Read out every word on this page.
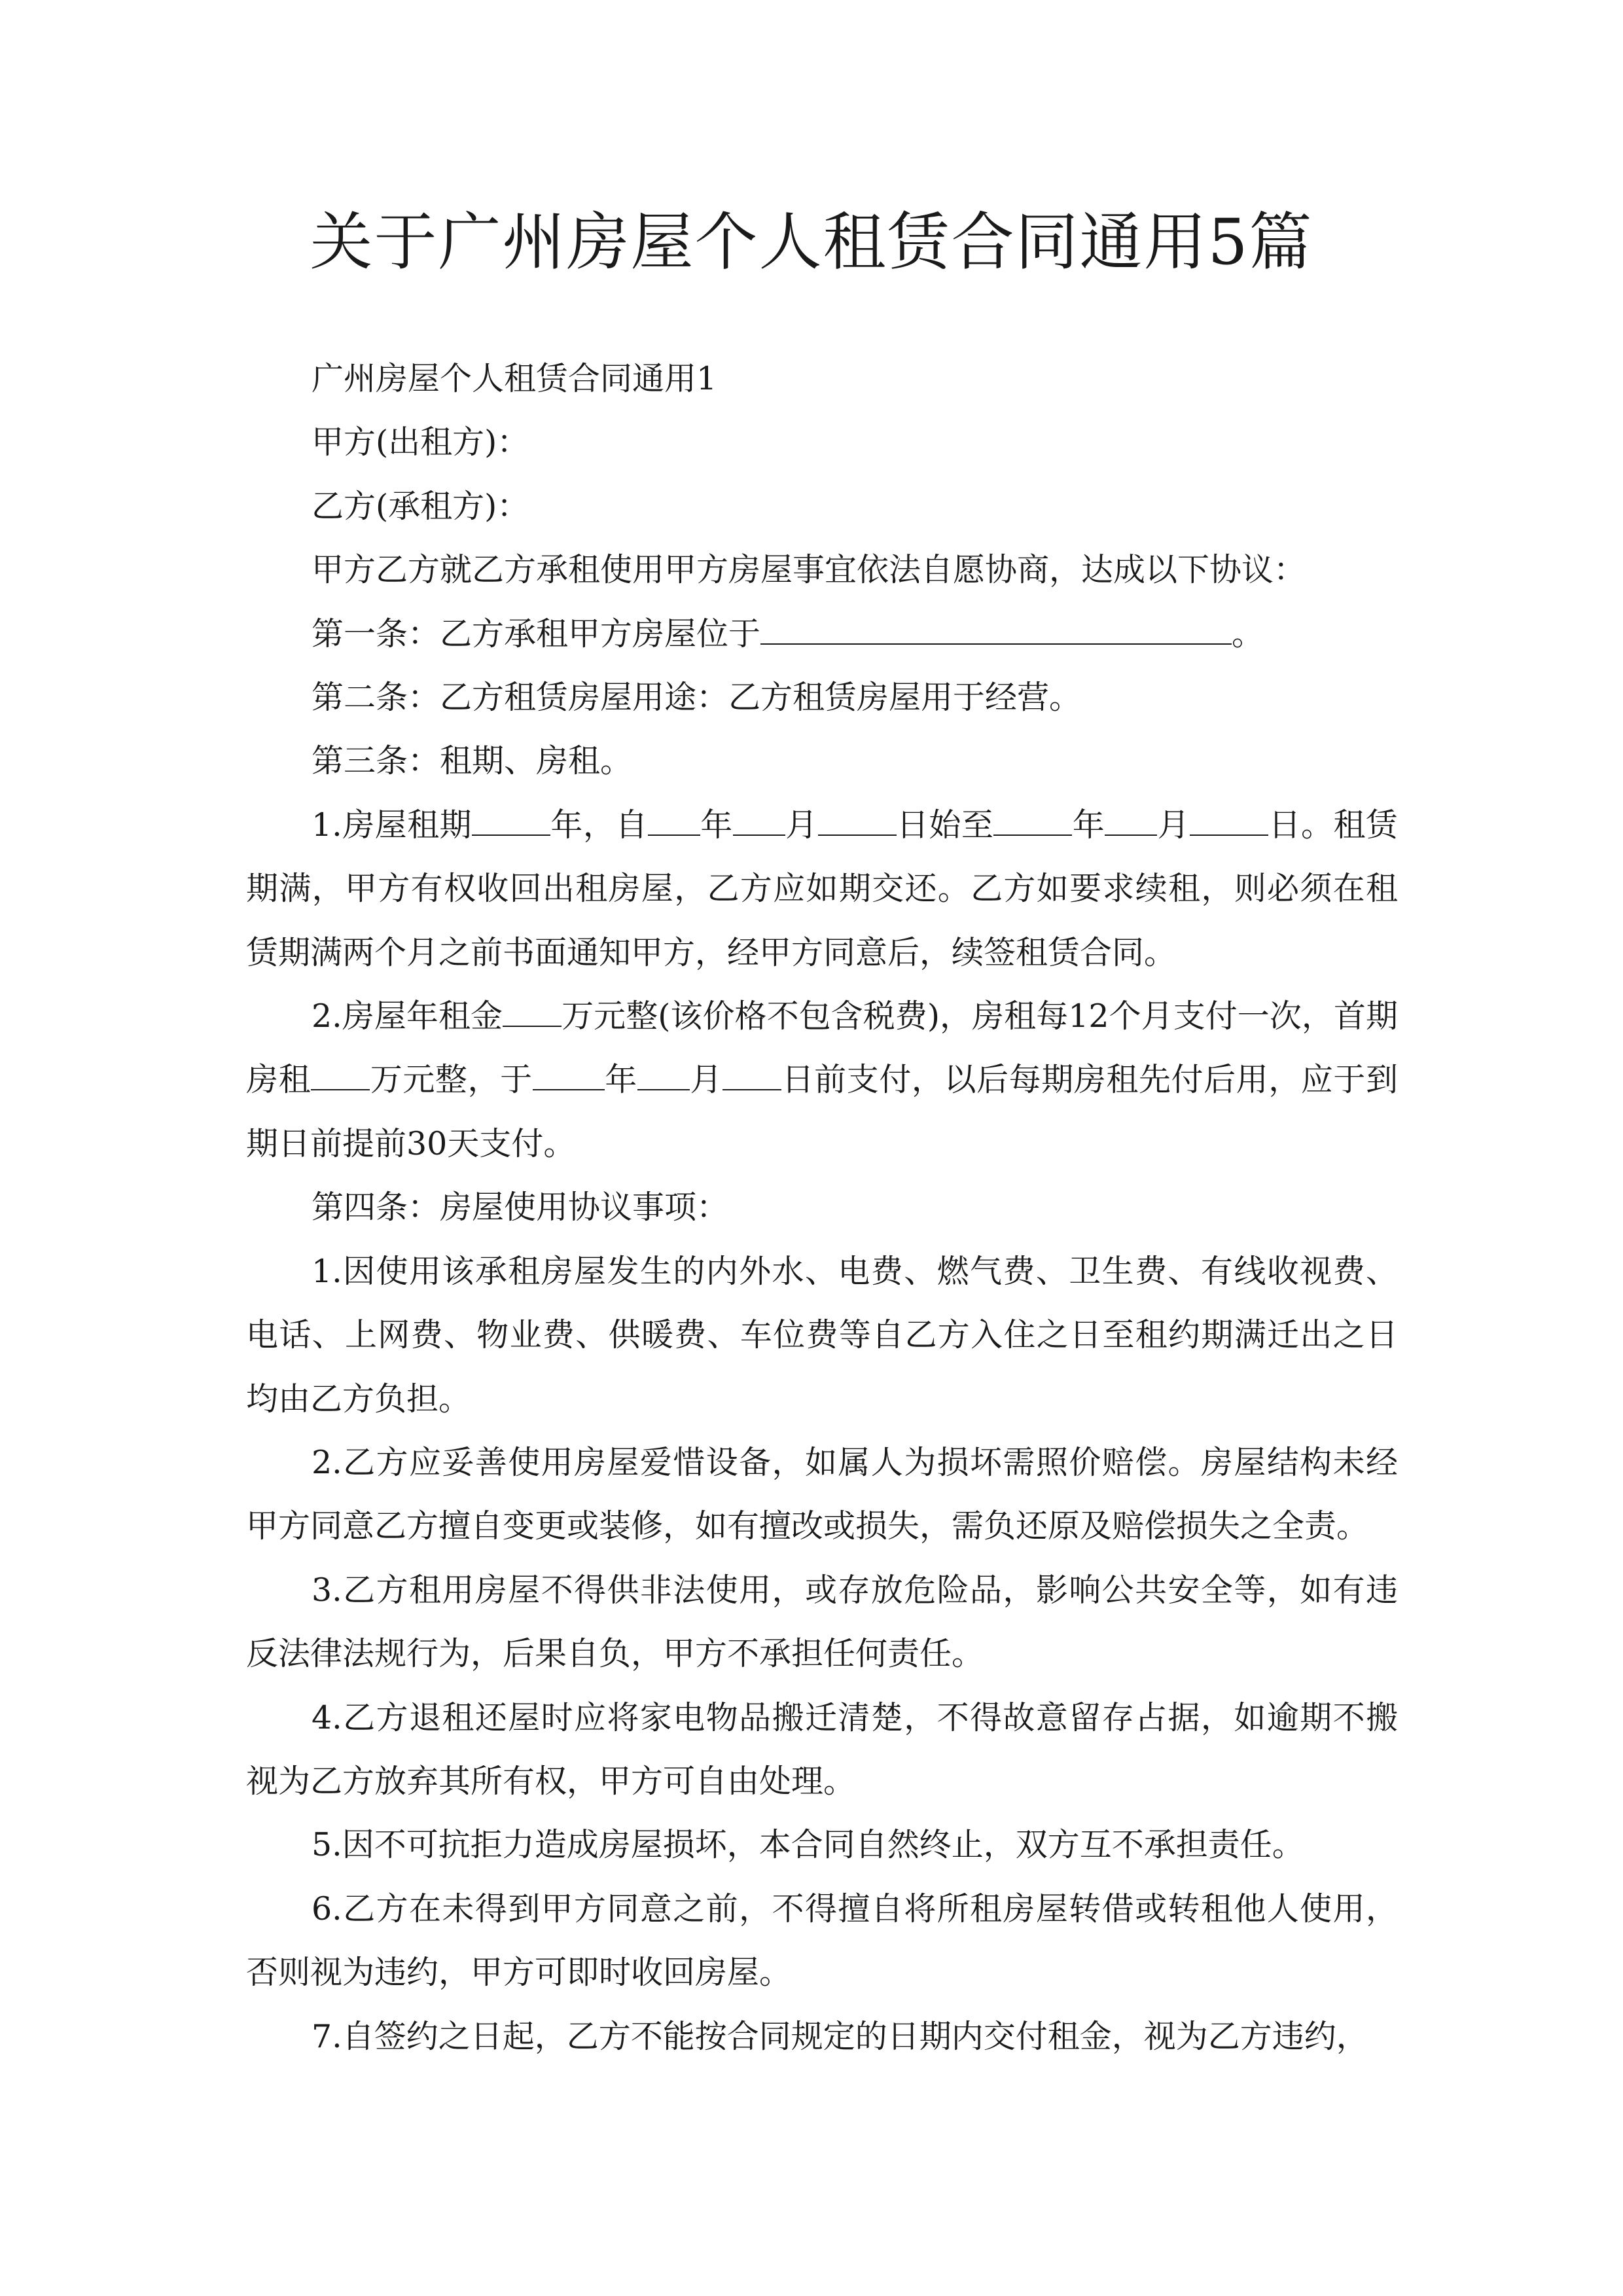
关于广州房屋个人租赁合同通用5篇

广州房屋个人租赁合同通用1

甲方(出租方)：

乙方(承租方)：

甲方乙方就乙方承租使用甲方房屋事宜依法自愿协商，达成以下协议：

第一条：乙方承租甲方房屋位于	。

第二条：乙方租赁房屋用途：乙方租赁房屋用于经营。

第三条：租期、房租。

1.房屋租期 年，自 年 月 日始至 年 月 日。租赁期满，甲方有权收回出租房屋，乙方应如期交还。乙方如要求续租，则必须在租赁期满两个月之前书面通知甲方，经甲方同意后，续签租赁合同。

2.房屋年租金 万元整(该价格不包含税费)，房租每12个月支付一次，首期房租 万元整，于 年 月 日前支付，以后每期房租先付后用，应于到期日前提前30天支付。

第四条：房屋使用协议事项：

1.因使用该承租房屋发生的内外水、电费、燃气费、卫生费、有线收视费、电话、上网费、物业费、供暖费、车位费等自乙方入住之日至租约期满迁出之日均由乙方负担。

2.乙方应妥善使用房屋爱惜设备，如属人为损坏需照价赔偿。房屋结构未经甲方同意乙方擅自变更或装修，如有擅改或损失，需负还原及赔偿损失之全责。

3.乙方租用房屋不得供非法使用，或存放危险品，影响公共安全等，如有违反法律法规行为，后果自负，甲方不承担任何责任。

4.乙方退租还屋时应将家电物品搬迁清楚，不得故意留存占据，如逾期不搬视为乙方放弃其所有权，甲方可自由处理。

5.因不可抗拒力造成房屋损坏，本合同自然终止，双方互不承担责任。

6.乙方在未得到甲方同意之前，不得擅自将所租房屋转借或转租他人使用，否则视为违约，甲方可即时收回房屋。

7.自签约之日起，乙方不能按合同规定的日期内交付租金，视为乙方违约，
